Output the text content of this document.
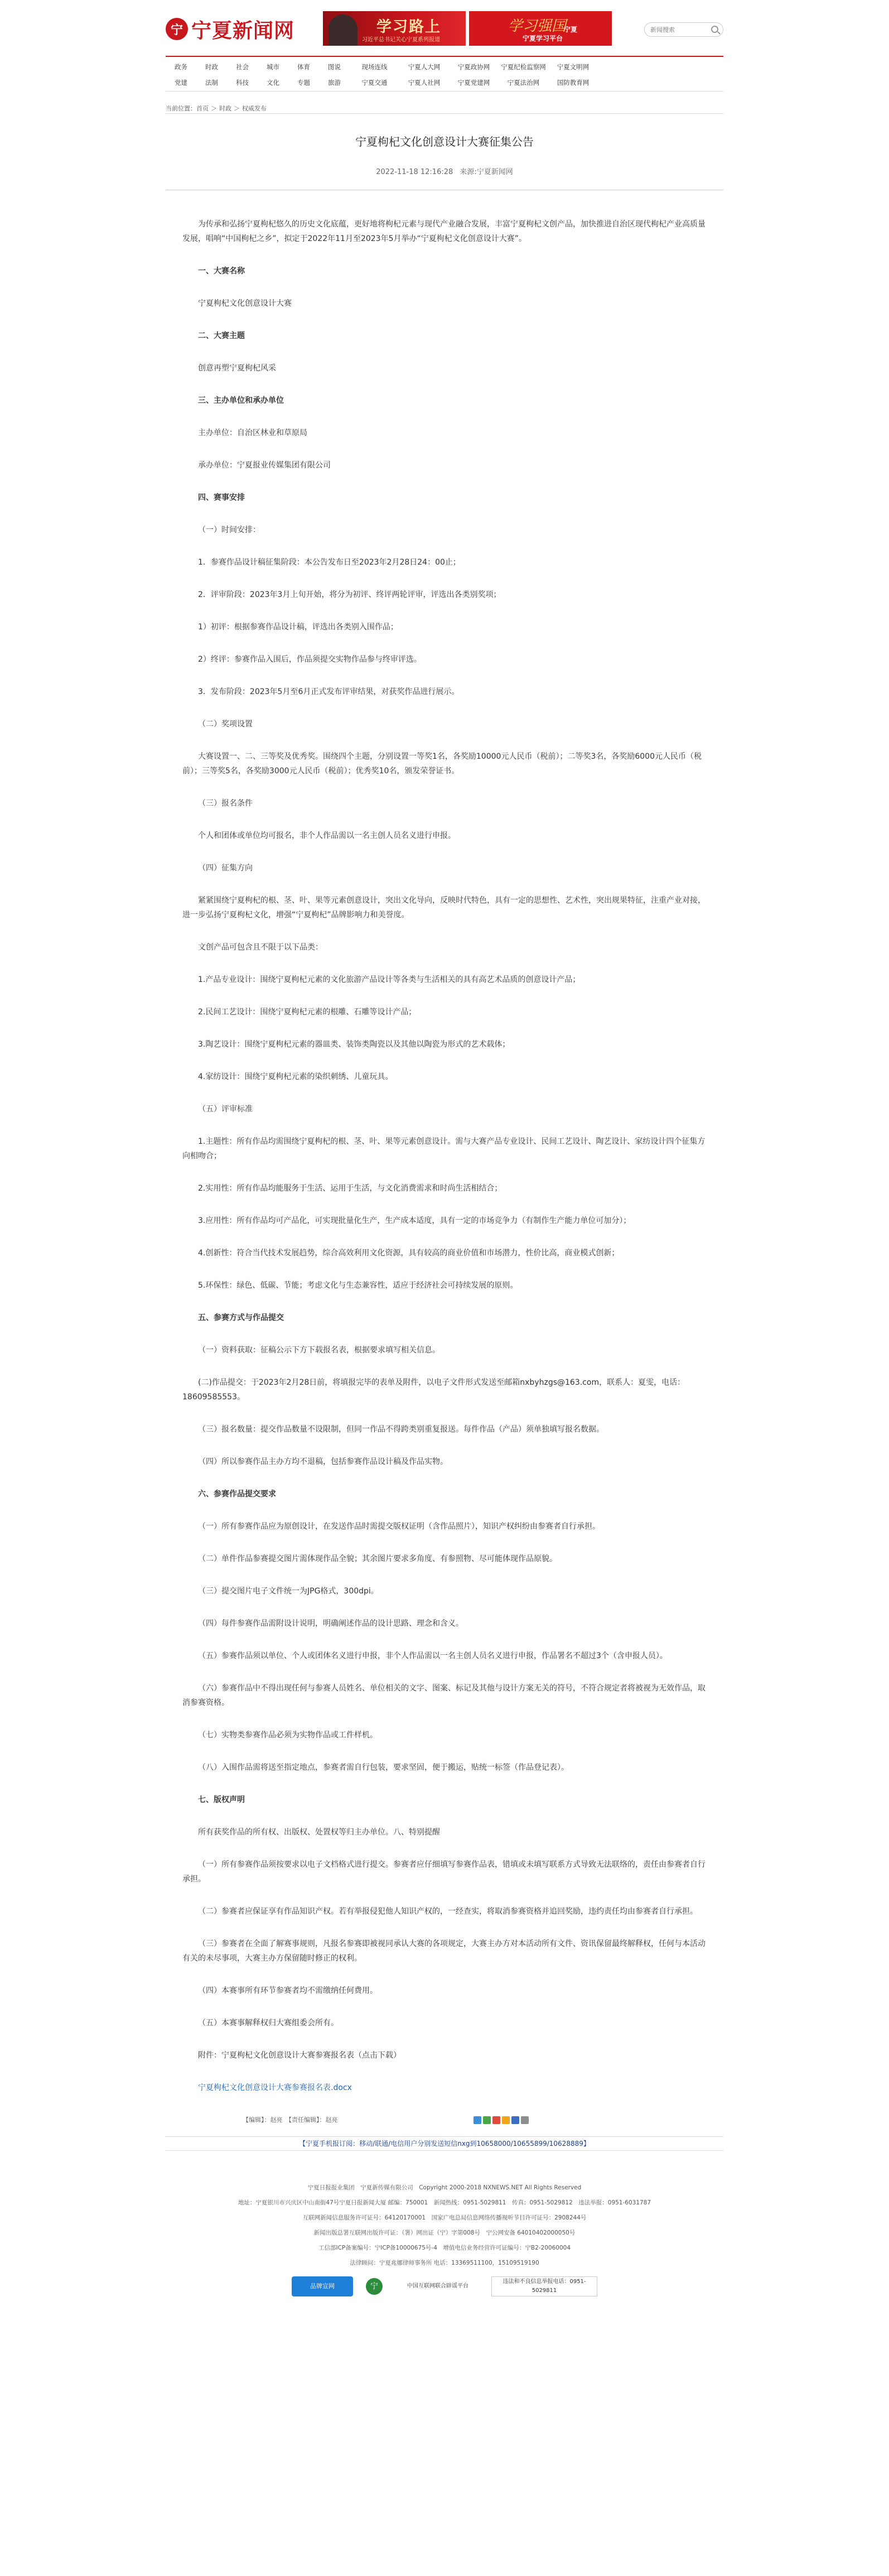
宁 宁夏新闻网	学习路上
习近平总书记关心宁夏系列报道
学习强国
宁夏
宁夏学习平台
新闻搜索
政务	时政	社会	城市	体育	图说	现场连线	宁夏人大网	宁夏政协网	宁夏纪检监察网	宁夏文明网
党建	法制	科技	文化	专题	旅游	宁夏交通	宁夏人社网	宁夏党建网	宁夏法治网	国防教育网
当前位置：首页 ＞ 时政 ＞ 权威发布
宁夏枸杞文化创意设计大赛征集公告
2022-11-18 12:16:28 来源:宁夏新闻网

为传承和弘扬宁夏枸杞悠久的历史文化底蕴，更好地将枸杞元素与现代产业融合发展，丰富宁夏枸杞文创产品，加快推进自治区现代枸杞产业高质量发展，唱响“中国枸杞之乡”，拟定于2022年11月至2023年5月举办“宁夏枸杞文化创意设计大赛”。

一、大赛名称

宁夏枸杞文化创意设计大赛

二、大赛主题

创意再塑宁夏枸杞风采

三、主办单位和承办单位

主办单位：自治区林业和草原局

承办单位：宁夏报业传媒集团有限公司

四、赛事安排

（一）时间安排：

1．参赛作品设计稿征集阶段：本公告发布日至2023年2月28日24：00止；

2．评审阶段：2023年3月上旬开始，将分为初评、终评两轮评审，评选出各类别奖项；

1）初评：根据参赛作品设计稿，评选出各类别入围作品；

2）终评：参赛作品入围后，作品须提交实物作品参与终审评选。

3．发布阶段：2023年5月至6月正式发布评审结果，对获奖作品进行展示。

（二）奖项设置

大赛设置一、二、三等奖及优秀奖。围绕四个主题，分别设置一等奖1名，各奖励10000元人民币（税前）；二等奖3名，各奖励6000元人民币（税前）；三等奖5名，各奖励3000元人民币（税前）；优秀奖10名，颁发荣誉证书。

（三）报名条件

个人和团体或单位均可报名，非个人作品需以一名主创人员名义进行申报。

（四）征集方向

紧紧围绕宁夏枸杞的根、茎、叶、果等元素创意设计，突出文化导向，反映时代特色，具有一定的思想性、艺术性，突出规果特征，注重产业对接，进一步弘扬宁夏枸杞文化，增强“宁夏枸杞”品牌影响力和美誉度。

文创产品可包含且不限于以下品类：

1.产品专业设计：围绕宁夏枸杞元素的文化旅游产品设计等各类与生活相关的具有高艺术品质的创意设计产品；

2.民间工艺设计：围绕宁夏枸杞元素的根雕、石雕等设计产品；

3.陶艺设计：围绕宁夏枸杞元素的器皿类、装饰类陶瓷以及其他以陶瓷为形式的艺术载体；

4.家纺设计：围绕宁夏枸杞元素的染织刺绣、儿童玩具。

（五）评审标准

1.主题性：所有作品均需围绕宁夏枸杞的根、茎、叶、果等元素创意设计。需与大赛产品专业设计、民间工艺设计、陶艺设计、家纺设计四个征集方向相吻合；

2.实用性：所有作品均能服务于生活、运用于生活，与文化消费需求和时尚生活相结合；

3.应用性：所有作品均可产品化，可实现批量化生产，生产成本适度，具有一定的市场竞争力（有制作生产能力单位可加分）；

4.创新性：符合当代技术发展趋势，综合高效利用文化资源，具有较高的商业价值和市场潜力，性价比高，商业模式创新；

5.环保性：绿色、低碳、节能；考虑文化与生态兼容性，适应于经济社会可持续发展的原则。

五、参赛方式与作品提交

（一）资料获取：征稿公示下方下载报名表，根据要求填写相关信息。

(二)作品提交：于2023年2月28日前，将填报完毕的表单及附件，以电子文件形式发送至邮箱nxbyhzgs@163.com，联系人：夏雯，电话：18609585553。

（三）报名数量：提交作品数量不设限制，但同一作品不得跨类别重复报送。每件作品（产品）须单独填写报名数据。

（四）所以参赛作品主办方均不退稿，包括参赛作品设计稿及作品实物。

六、参赛作品提交要求

（一）所有参赛作品应为原创设计，在发送作品时需提交版权证明（含作品照片），知识产权纠纷由参赛者自行承担。

（二）单件作品参赛提交图片需体现作品全貌；其余图片要求多角度、有参照物、尽可能体现作品原貌。

（三）提交图片电子文件统一为JPG格式，300dpi。

（四）每件参赛作品需附设计说明，明确阐述作品的设计思路、理念和含义。

（五）参赛作品须以单位、个人或团体名义进行申报，非个人作品需以一名主创人员名义进行申报，作品署名不超过3个（含申报人员）。

（六）参赛作品中不得出现任何与参赛人员姓名、单位相关的文字、图案、标记及其他与设计方案无关的符号，不符合规定者将被视为无效作品，取消参赛资格。

（七）实物类参赛作品必须为实物作品或工件样机。

（八）入围作品需将送至指定地点，参赛者需自行包装，要求坚固，便于搬运，贴统一标签（作品登记表）。

七、版权声明

所有获奖作品的所有权、出版权、处置权等归主办单位。八、特别提醒

（一）所有参赛作品须按要求以电子文档格式进行提交。参赛者应仔细填写参赛作品表，错填或未填写联系方式导致无法联络的，责任由参赛者自行承担。

（二）参赛者应保证享有作品知识产权。若有举报侵犯他人知识产权的，一经查实，将取消参赛资格并追回奖励，违约责任均由参赛者自行承担。

（三）参赛者在全面了解赛事规则，凡报名参赛即被视同承认大赛的各项规定，大赛主办方对本活动所有文件、资讯保留最终解释权，任何与本活动有关的未尽事项，大赛主办方保留随时修正的权利。

（四）本赛事所有环节参赛者均不需缴纳任何费用。

（五）本赛事解释权归大赛组委会所有。

附件：宁夏枸杞文化创意设计大赛参赛报名表（点击下载）

宁夏枸杞文化创意设计大赛参赛报名表.docx

【编辑】：赵亮　【责任编辑】：赵亮
【宁夏手机报订阅：移动/联通/电信用户分别发送短信nxg到10658000/10655899/10628889】
宁夏日报报业集团　宁夏新传媒有限公司　Copyright 2000-2018 NXNEWS.NET All Rights Reserved
地址：宁夏银川市兴庆区中山南街47号宁夏日报新闻大厦 邮编：750001　新闻热线：0951-5029811　传真：0951-5029812　违法举报：0951-6031787
互联网新闻信息服务许可证号：64120170001　国家广电总局信息网络传播视听节目许可证号：2908244号
新闻出版总署互联网出版许可证：（署）网出证（宁）字第008号　宁公网安备 64010402000050号
工信部ICP备案编号：宁ICP备10000675号-4　增值电信业务经营许可证编号：宁B2-20060004
法律顾问：宁夏兆娜律师事务所 电话：13369511100，15109519190
品牌宣网	宁	中国互联网联合辟谣平台
违法和不良信息举报电话：0951-5029811
